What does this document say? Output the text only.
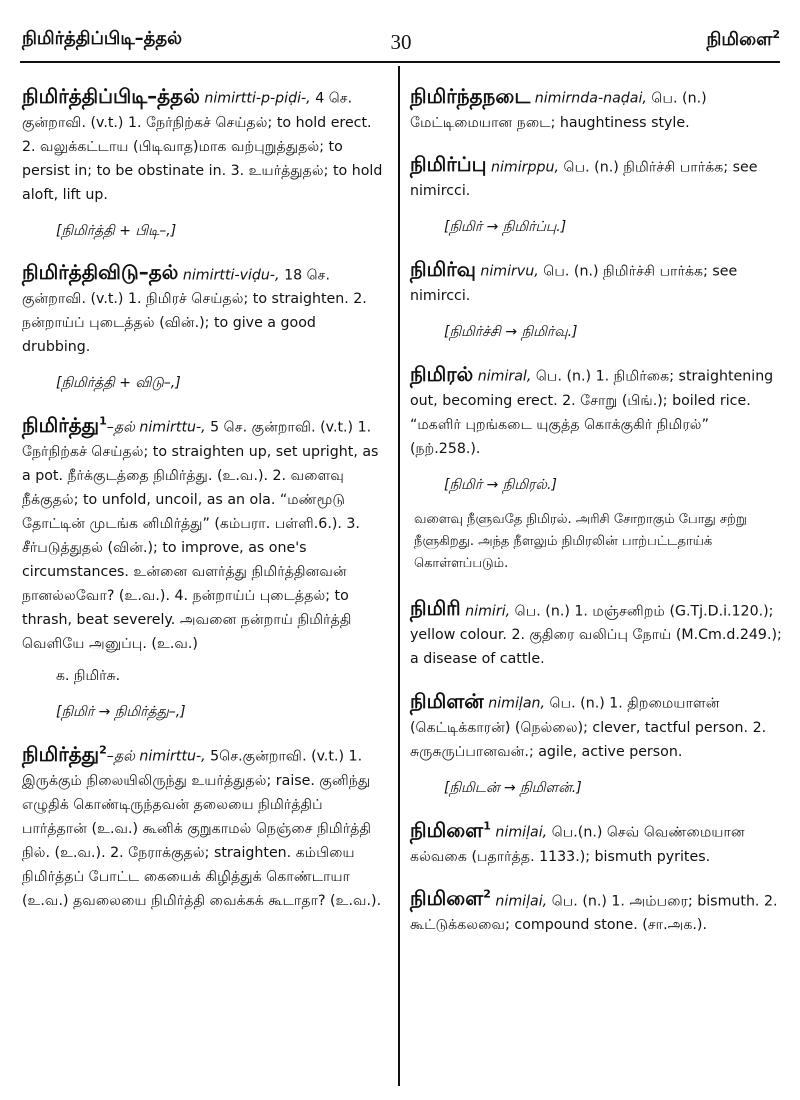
நிமிர்த்திப்பிடி–த்தல்	30	நிமிளை$^2$
நிமிர்த்திப்பிடி–த்தல் nimirtti-p-piḍi-, 4 செ. குன்றாவி. (v.t.) 1. நேர்நிற்கச் செய்தல்; to hold erect. 2. வலுக்கட்டாய (பிடிவாத)மாக வற்புறுத்துதல்; to persist in; to be obstinate in. 3. உயர்த்துதல்; to hold aloft, lift up.
[நிமிர்த்தி + பிடி–,]
நிமிர்த்திவிடு–தல் nimirtti-viḍu-, 18 செ. குன்றாவி. (v.t.) 1. நிமிரச் செய்தல்; to straighten. 2. நன்றாய்ப் புடைத்தல் (வின்.); to give a good drubbing.
[நிமிர்த்தி + விடு–,]
நிமிர்த்து$^1$–தல் nimirttu-, 5 செ. குன்றாவி. (v.t.) 1. நேர்நிற்கச் செய்தல்; to straighten up, set upright, as a pot. நீர்க்குடத்தை நிமிர்த்து. (உ.வ.). 2. வளைவு நீக்குதல்; to unfold, uncoil, as an ola. “மண்மூடு தோட்டின் முடங்க னிமிர்த்து” (கம்பரா. பள்ளி.6.). 3. சீர்படுத்துதல் (வின்.); to improve, as one's circumstances. உன்னை வளர்த்து நிமிர்த்தினவன் நானல்லவோ? (உ.வ.). 4. நன்றாய்ப் புடைத்தல்; to thrash, beat severely. அவனை நன்றாய் நிமிர்த்தி வெளியே அனுப்பு. (உ.வ.)
க. நிமிர்சு.
[நிமிர் → நிமிர்த்து–,]
நிமிர்த்து$^2$–தல் nimirttu-, 5செ.குன்றாவி. (v.t.) 1. இருக்கும் நிலையிலிருந்து உயர்த்துதல்; raise. குனிந்து எழுதிக் கொண்டிருந்தவன் தலையை நிமிர்த்திப் பார்த்தான் (உ.வ.) கூனிக் குறுகாமல் நெஞ்சை நிமிர்த்தி நில். (உ.வ.). 2. நேராக்குதல்; straighten. கம்பியை நிமிர்த்தப் போட்ட கையைக் கிழித்துக் கொண்டாயா (உ.வ.) தவலையை நிமிர்த்தி வைக்கக் கூடாதா? (உ.வ.).
நிமிர்ந்தநடை nimirnda-naḍai, பெ. (n.) மேட்டிமையான நடை; haughtiness style.
நிமிர்ப்பு nimirppu, பெ. (n.) நிமிர்ச்சி பார்க்க; see nimircci.
[நிமிர் → நிமிர்ப்பு.]
நிமிர்வு nimirvu, பெ. (n.) நிமிர்ச்சி பார்க்க; see nimircci.
[நிமிர்ச்சி → நிமிர்வு.]
நிமிரல் nimiral, பெ. (n.) 1. நிமிர்கை; straightening out, becoming erect. 2. சோறு (பிங்.); boiled rice. “மகளிர் புறங்கடை யுகுத்த கொக்குகிர் நிமிரல்” (நற்.258.).
[நிமிர் → நிமிரல்.]
வளைவு நீளுவதே நிமிரல். அரிசி சோறாகும் போது சற்று நீளுகிறது. அந்த நீளலும் நிமிரலின் பாற்பட்டதாய்க் கொள்ளப்படும்.
நிமிரி nimiri, பெ. (n.) 1. மஞ்சனிறம் (G.Tj.D.i.120.); yellow colour. 2. குதிரை வலிப்பு நோய் (M.Cm.d.249.); a disease of cattle.
நிமிளன் nimiḷan, பெ. (n.) 1. திறமையாளன் (கெட்டிக்காரன்) (நெல்லை); clever, tactful person. 2. சுருசுருப்பானவன்.; agile, active person.
[நிமிடன் → நிமிளன்.]
நிமிளை$^1$ nimiḷai, பெ.(n.) செவ் வெண்மையான கல்வகை (பதார்த்த. 1133.); bismuth pyrites.
நிமிளை$^2$ nimiḷai, பெ. (n.) 1. அம்பரை; bismuth. 2. கூட்டுக்கலவை; compound stone. (சா.அக.).
